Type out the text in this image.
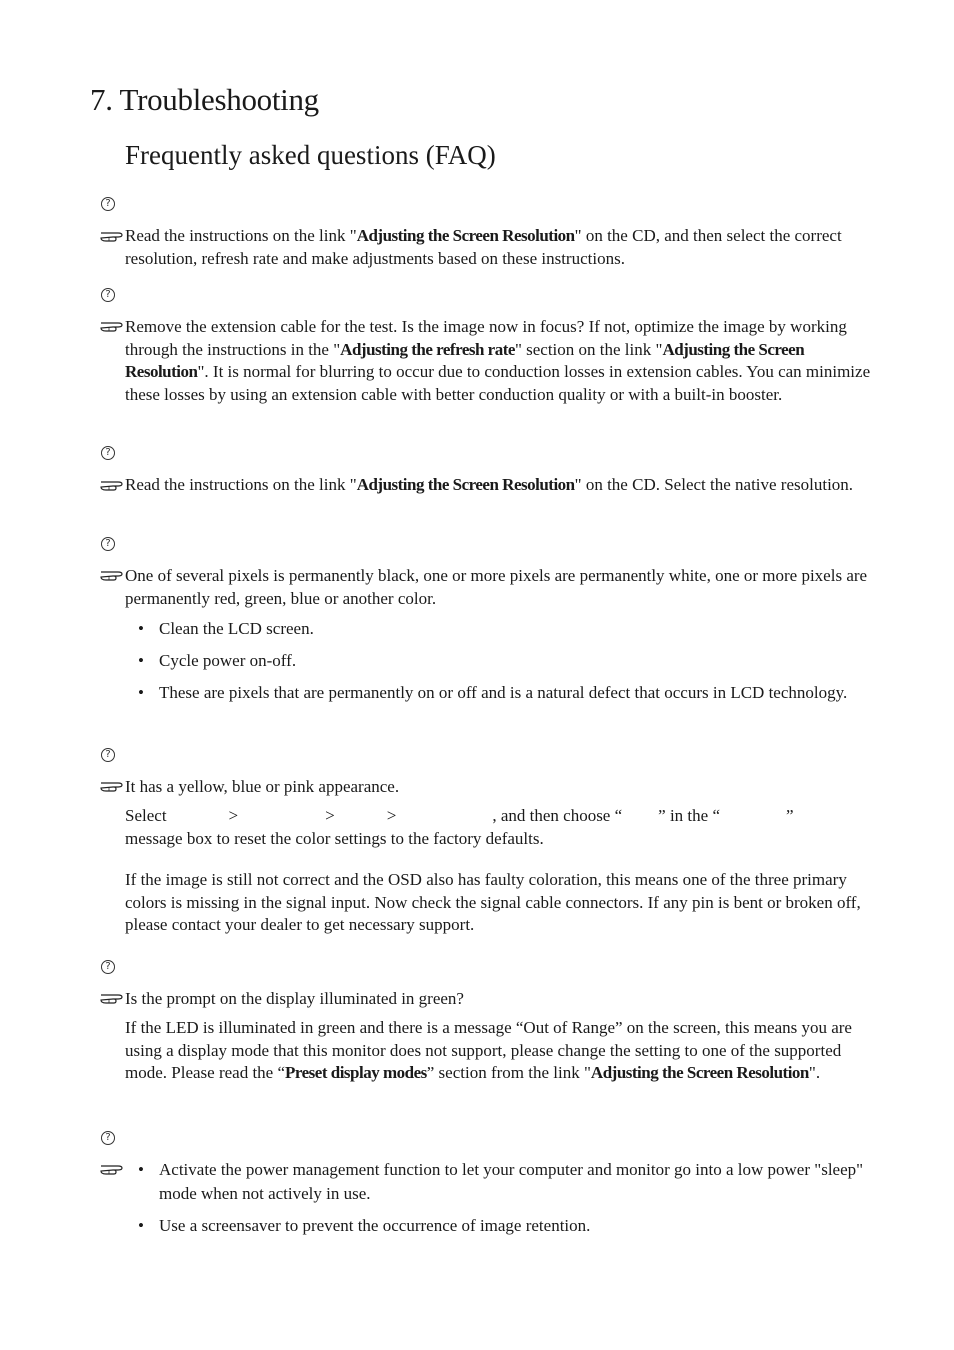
7. Troubleshooting
Frequently asked questions (FAQ)
?

Read the instructions on the link "Adjusting the Screen Resolution" on the CD, and then select the correct resolution, refresh rate and make adjustments based on these instructions.

?

Remove the extension cable for the test. Is the image now in focus? If not, optimize the image by working through the instructions in the "Adjusting the refresh rate" section on the link "Adjusting the Screen Resolution". It is normal for blurring to occur due to conduction losses in extension cables. You can minimize these losses by using an extension cable with better conduction quality or with a built-in booster.

?

Read the instructions on the link "Adjusting the Screen Resolution" on the CD. Select the native resolution.

?

One of several pixels is permanently black, one or more pixels are permanently white, one or more pixels are permanently red, green, blue or another color.

• Clean the LCD screen.
• Cycle power on-off.
• These are pixels that are permanently on or off and is a natural defect that occurs in LCD technology.
?

It has a yellow, blue or pink appearance.

Select	>	>	>	, and then choose “ ” in the “	”
message box to reset the color settings to the factory defaults.

If the image is still not correct and the OSD also has faulty coloration, this means one of the three primary colors is missing in the signal input. Now check the signal cable connectors. If any pin is bent or broken off, please contact your dealer to get necessary support.

?

Is the prompt on the display illuminated in green?

If the LED is illuminated in green and there is a message “Out of Range” on the screen, this means you are using a display mode that this monitor does not support, please change the setting to one of the supported mode. Please read the “Preset display modes” section from the link "Adjusting the Screen Resolution".

?
• Activate the power management function to let your computer and monitor go into a low power "sleep" mode when not actively in use.
• Use a screensaver to prevent the occurrence of image retention.
